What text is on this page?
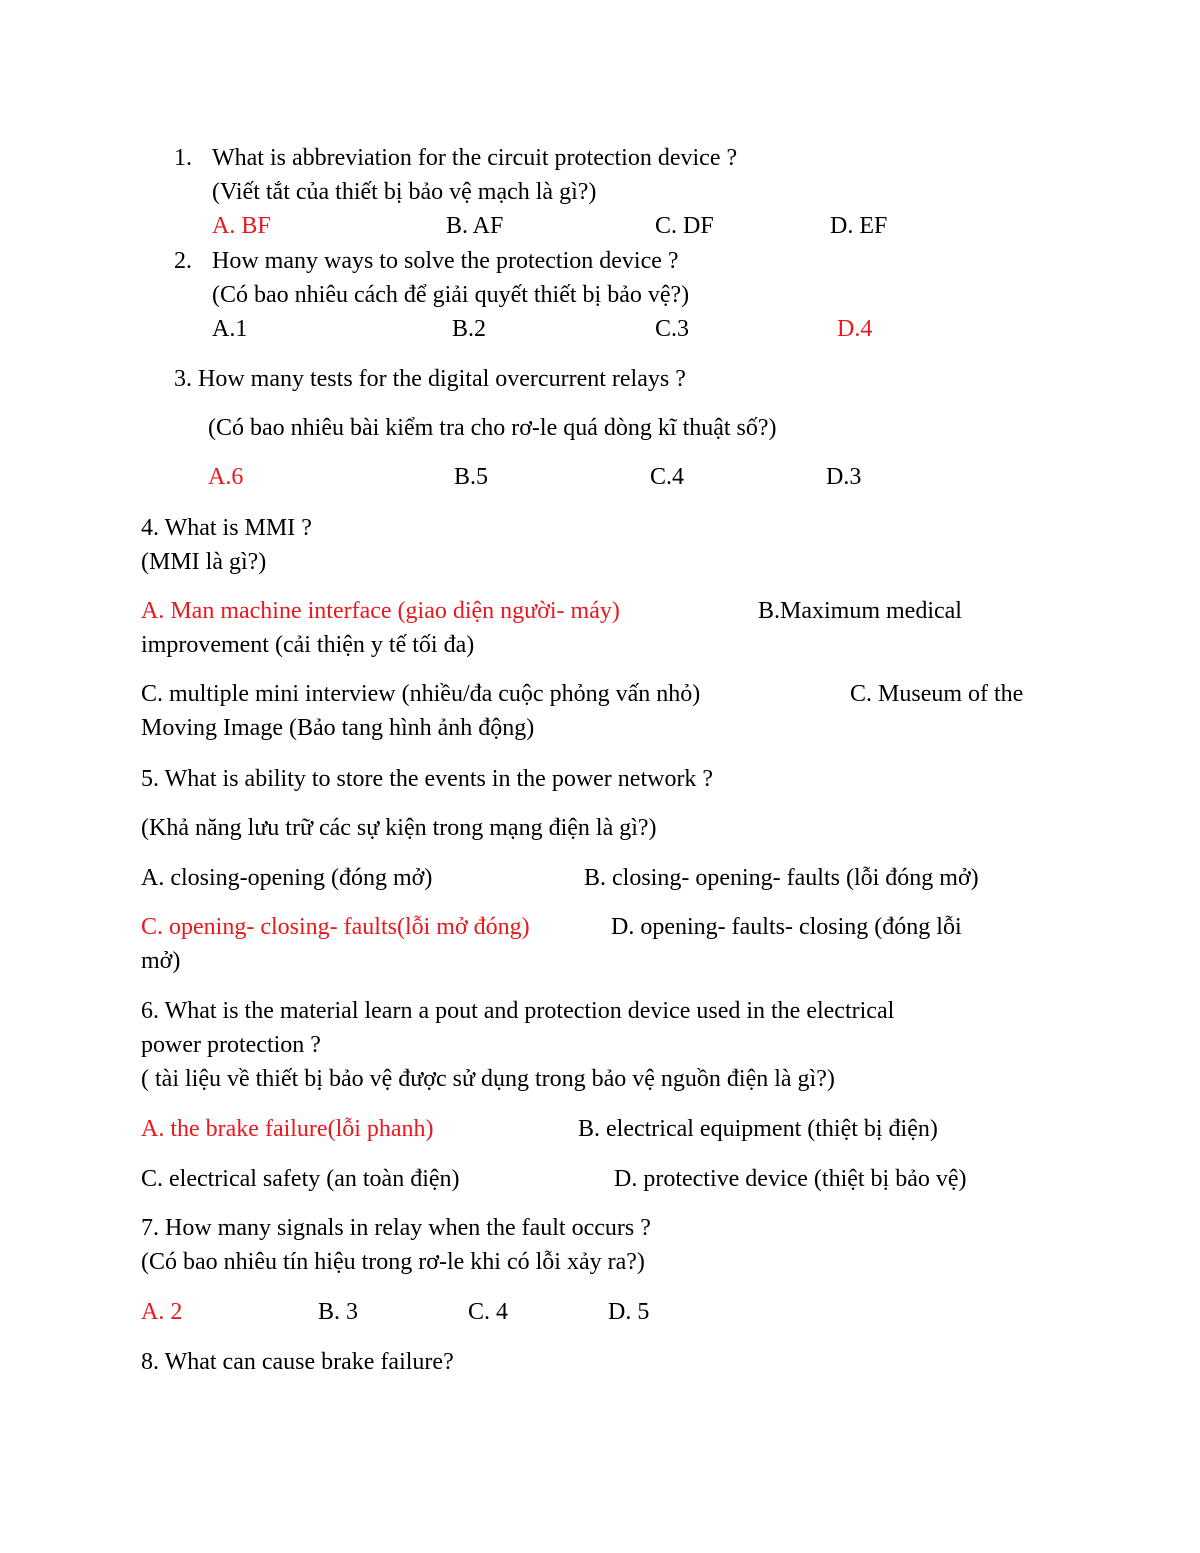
1. What is abbreviation for the circuit protection device ?
(Viết tắt của thiết bị bảo vệ mạch là gì?)
A. BF	B. AF	C. DF	D. EF
2. How many ways to solve the protection device ?
(Có bao nhiêu cách để giải quyết thiết bị bảo vệ?)
A.1	B.2	C.3	D.4
3. How many tests for the digital overcurrent relays ?
(Có bao nhiêu bài kiểm tra cho rơ-le quá dòng kĩ thuật số?)
A.6	B.5	C.4	D.3
4. What is MMI ?
(MMI là gì?)
A. Man machine interface (giao diện người- máy)	B.Maximum medical
improvement (cải thiện y tế tối đa)
C. multiple mini interview (nhiều/đa cuộc phỏng vấn nhỏ)	C. Museum of the
Moving Image (Bảo tang hình ảnh động)
5. What is ability to store the events in the power network ?
(Khả năng lưu trữ các sự kiện trong mạng điện là gì?)
A. closing-opening (đóng mở)	B. closing- opening- faults (lỗi đóng mở)
C. opening- closing- faults(lỗi mở đóng)	D. opening- faults- closing (đóng lỗi
mở)
6. What is the material learn a pout and protection device used in the electrical
power protection ?
( tài liệu về thiết bị bảo vệ được sử dụng trong bảo vệ nguồn điện là gì?)
A. the brake failure(lỗi phanh)	B. electrical equipment (thiệt bị điện)
C. electrical safety (an toàn điện)	D. protective device (thiệt bị bảo vệ)
7. How many signals in relay when the fault occurs ?
(Có bao nhiêu tín hiệu trong rơ-le khi có lỗi xảy ra?)
A. 2	B. 3	C. 4	D. 5
8. What can cause brake failure?
